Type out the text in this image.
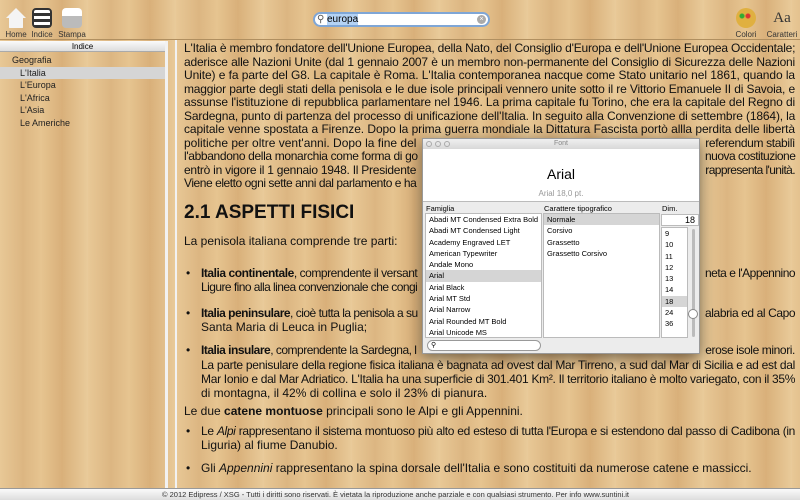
Home Indice Stampa
⚲ europa	×
Colori
Aa
Caratteri
Indice
Geografia
L'Italia
L'Europa
L'Africa
L'Asia
Le Americhe
L'Italia è membro fondatore dell'Unione Europea, della Nato, del Consiglio d'Europa e dell'Unione Europea Occidentale;
aderisce alle Nazioni Unite (dal 1 gennaio 2007 è un membro non-permanente del Consiglio di Sicurezza delle Nazioni
Unite) e fa parte del G8. La capitale è Roma. L'Italia contemporanea nacque come Stato unitario nel 1861, quando la
maggior parte degli stati della penisola e le due isole principali vennero unite sotto il re Vittorio Emanuele II di Savoia, e
assunse l'istituzione di repubblica parlamentare nel 1946. La prima capitale fu Torino, che era la capitale del Regno di
Sardegna, punto di partenza del processo di unificazione dell'Italia. In seguito alla Convenzione di settembre (1864), la
capitale venne spostata a Firenze. Dopo la prima guerra mondiale la Dittatura Fascista portò allla perdita delle libertà
politiche per oltre vent'anni. Dopo la fine del	referendum stabilì
l'abbandono della monarchia come forma di go	nuova costituzione
entrò in vigore il 1 gennaio 1948. Il Presidente	rappresenta l'unità.
Viene eletto ogni sette anni dal parlamento e ha
2.1 ASPETTI FISICI
La penisola italiana comprende tre parti:
• Italia continentale, comprendente il versant	neta e l'Appennino
Ligure fino alla linea convenzionale che congi
• Italia peninsulare, cioè tutta la penisola a su	alabria ed al Capo
Santa Maria di Leuca in Puglia;
• Italia insulare, comprendente la Sardegna, l	erose isole minori.
La parte penisulare della regione fisica italiana è bagnata ad ovest dal Mar Tirreno, a sud dal Mar di Sicilia e ad est dal
Mar Ionio e dal Mar Adriatico. L'Italia ha una superficie di 301.401 Km². Il territorio italiano è molto variegato, con il 35%
di montagna, il 42% di collina e solo il 23% di pianura.
Le due catene montuose principali sono le Alpi e gli Appennini.
• Le Alpi rappresentano il sistema montuoso più alto ed esteso di tutta l'Europa e si estendono dal passo di Cadibona (in
Liguria) al fiume Danubio.
• Gli Appennini rappresentano la spina dorsale dell'Italia e sono costituiti da numerose catene e massicci.
© 2012 Edipress / XSG - Tutti i diritti sono riservati. È vietata la riproduzione anche parziale e con qualsiasi strumento. Per info www.suntini.it
Font
Arial
Arial 18,0 pt.
Famiglia	Carattere tipografico	Dim.
Abadi MT Condensed Extra Bold
Abadi MT Condensed Light
Academy Engraved LET
American Typewriter
Andale Mono
Arial
Arial Black
Arial MT Std
Arial Narrow
Arial Rounded MT Bold
Arial Unicode MS
Normale
Corsivo
Grassetto
Grassetto Corsivo
18
9
10
11
12
13
14
18
24
36
⚲
